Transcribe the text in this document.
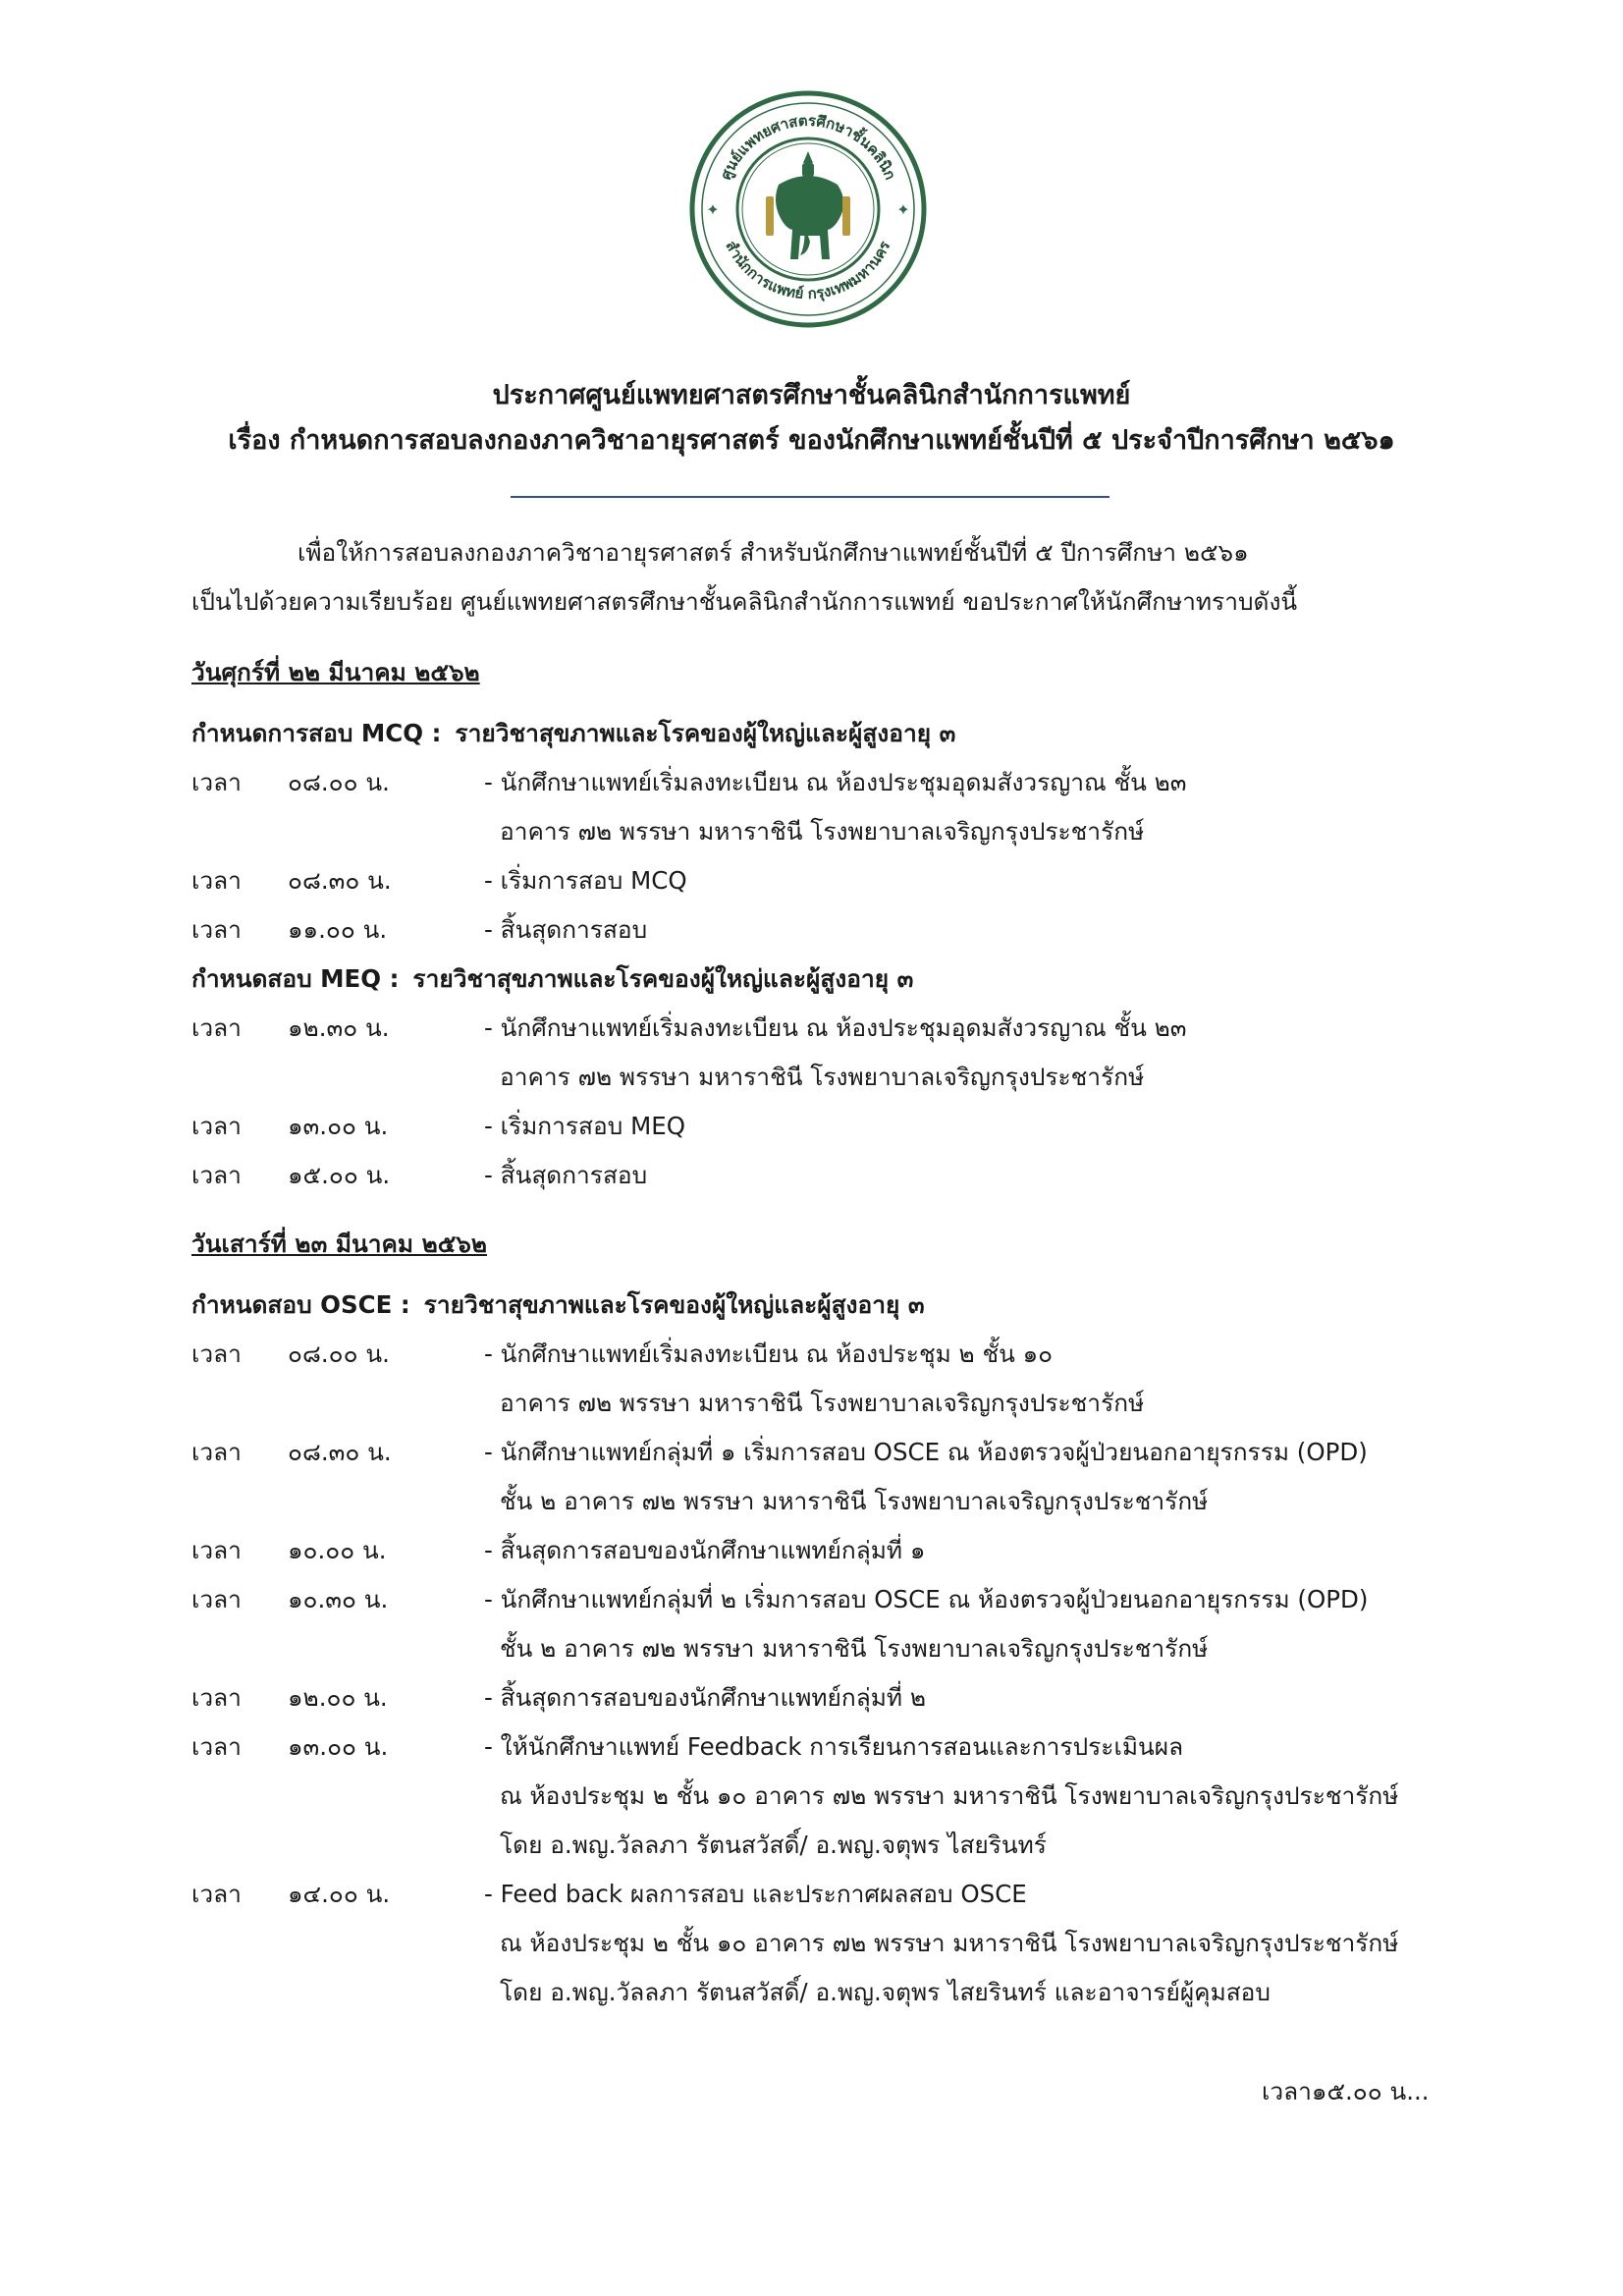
ศูนย์แพทยศาสตรศึกษาชั้นคลินิก
สำนักการแพทย์ กรุงเทพมหานคร
✦	✦
ประกาศศูนย์แพทยศาสตรศึกษาชั้นคลินิกสำนักการแพทย์
เรื่อง กำหนดการสอบลงกองภาควิชาอายุรศาสตร์ ของนักศึกษาแพทย์ชั้นปีที่ ๕ ประจำปีการศึกษา ๒๕๖๑

เพื่อให้การสอบลงกองภาควิชาอายุรศาสตร์ สำหรับนักศึกษาแพทย์ชั้นปีที่ ๕ ปีการศึกษา ๒๕๖๑

เป็นไปด้วยความเรียบร้อย ศูนย์แพทยศาสตรศึกษาชั้นคลินิกสำนักการแพทย์ ขอประกาศให้นักศึกษาทราบดังนี้

วันศุกร์ที่ ๒๒ มีนาคม ๒๕๖๒
กำหนดการสอบ MCQ : รายวิชาสุขภาพและโรคของผู้ใหญ่และผู้สูงอายุ ๓
เวลา	๐๘.๐๐ น.	- นักศึกษาแพทย์เริ่มลงทะเบียน ณ ห้องประชุมอุดมสังวรญาณ ชั้น ๒๓
อาคาร ๗๒ พรรษา มหาราชินี โรงพยาบาลเจริญกรุงประชารักษ์
เวลา	๐๘.๓๐ น.	- เริ่มการสอบ MCQ
เวลา	๑๑.๐๐ น.	- สิ้นสุดการสอบ
กำหนดสอบ MEQ : รายวิชาสุขภาพและโรคของผู้ใหญ่และผู้สูงอายุ ๓
เวลา	๑๒.๓๐ น.	- นักศึกษาแพทย์เริ่มลงทะเบียน ณ ห้องประชุมอุดมสังวรญาณ ชั้น ๒๓
อาคาร ๗๒ พรรษา มหาราชินี โรงพยาบาลเจริญกรุงประชารักษ์
เวลา	๑๓.๐๐ น.	- เริ่มการสอบ MEQ
เวลา	๑๕.๐๐ น.	- สิ้นสุดการสอบ
วันเสาร์ที่ ๒๓ มีนาคม ๒๕๖๒
กำหนดสอบ OSCE : รายวิชาสุขภาพและโรคของผู้ใหญ่และผู้สูงอายุ ๓
เวลา	๐๘.๐๐ น.	- นักศึกษาแพทย์เริ่มลงทะเบียน ณ ห้องประชุม ๒ ชั้น ๑๐
อาคาร ๗๒ พรรษา มหาราชินี โรงพยาบาลเจริญกรุงประชารักษ์
เวลา	๐๘.๓๐ น.	- นักศึกษาแพทย์กลุ่มที่ ๑ เริ่มการสอบ OSCE ณ ห้องตรวจผู้ป่วยนอกอายุรกรรม (OPD)
ชั้น ๒ อาคาร ๗๒ พรรษา มหาราชินี โรงพยาบาลเจริญกรุงประชารักษ์
เวลา	๑๐.๐๐ น.	- สิ้นสุดการสอบของนักศึกษาแพทย์กลุ่มที่ ๑
เวลา	๑๐.๓๐ น.	- นักศึกษาแพทย์กลุ่มที่ ๒ เริ่มการสอบ OSCE ณ ห้องตรวจผู้ป่วยนอกอายุรกรรม (OPD)
ชั้น ๒ อาคาร ๗๒ พรรษา มหาราชินี โรงพยาบาลเจริญกรุงประชารักษ์
เวลา	๑๒.๐๐ น.	- สิ้นสุดการสอบของนักศึกษาแพทย์กลุ่มที่ ๒
เวลา	๑๓.๐๐ น.	- ให้นักศึกษาแพทย์ Feedback การเรียนการสอนและการประเมินผล
ณ ห้องประชุม ๒ ชั้น ๑๐ อาคาร ๗๒ พรรษา มหาราชินี โรงพยาบาลเจริญกรุงประชารักษ์
โดย อ.พญ.วัลลภา รัตนสวัสดิ์/ อ.พญ.จตุพร ไสยรินทร์
เวลา	๑๔.๐๐ น.	- Feed back ผลการสอบ และประกาศผลสอบ OSCE
ณ ห้องประชุม ๒ ชั้น ๑๐ อาคาร ๗๒ พรรษา มหาราชินี โรงพยาบาลเจริญกรุงประชารักษ์
โดย อ.พญ.วัลลภา รัตนสวัสดิ์/ อ.พญ.จตุพร ไสยรินทร์ และอาจารย์ผู้คุมสอบ
เวลา๑๕.๐๐ น...
